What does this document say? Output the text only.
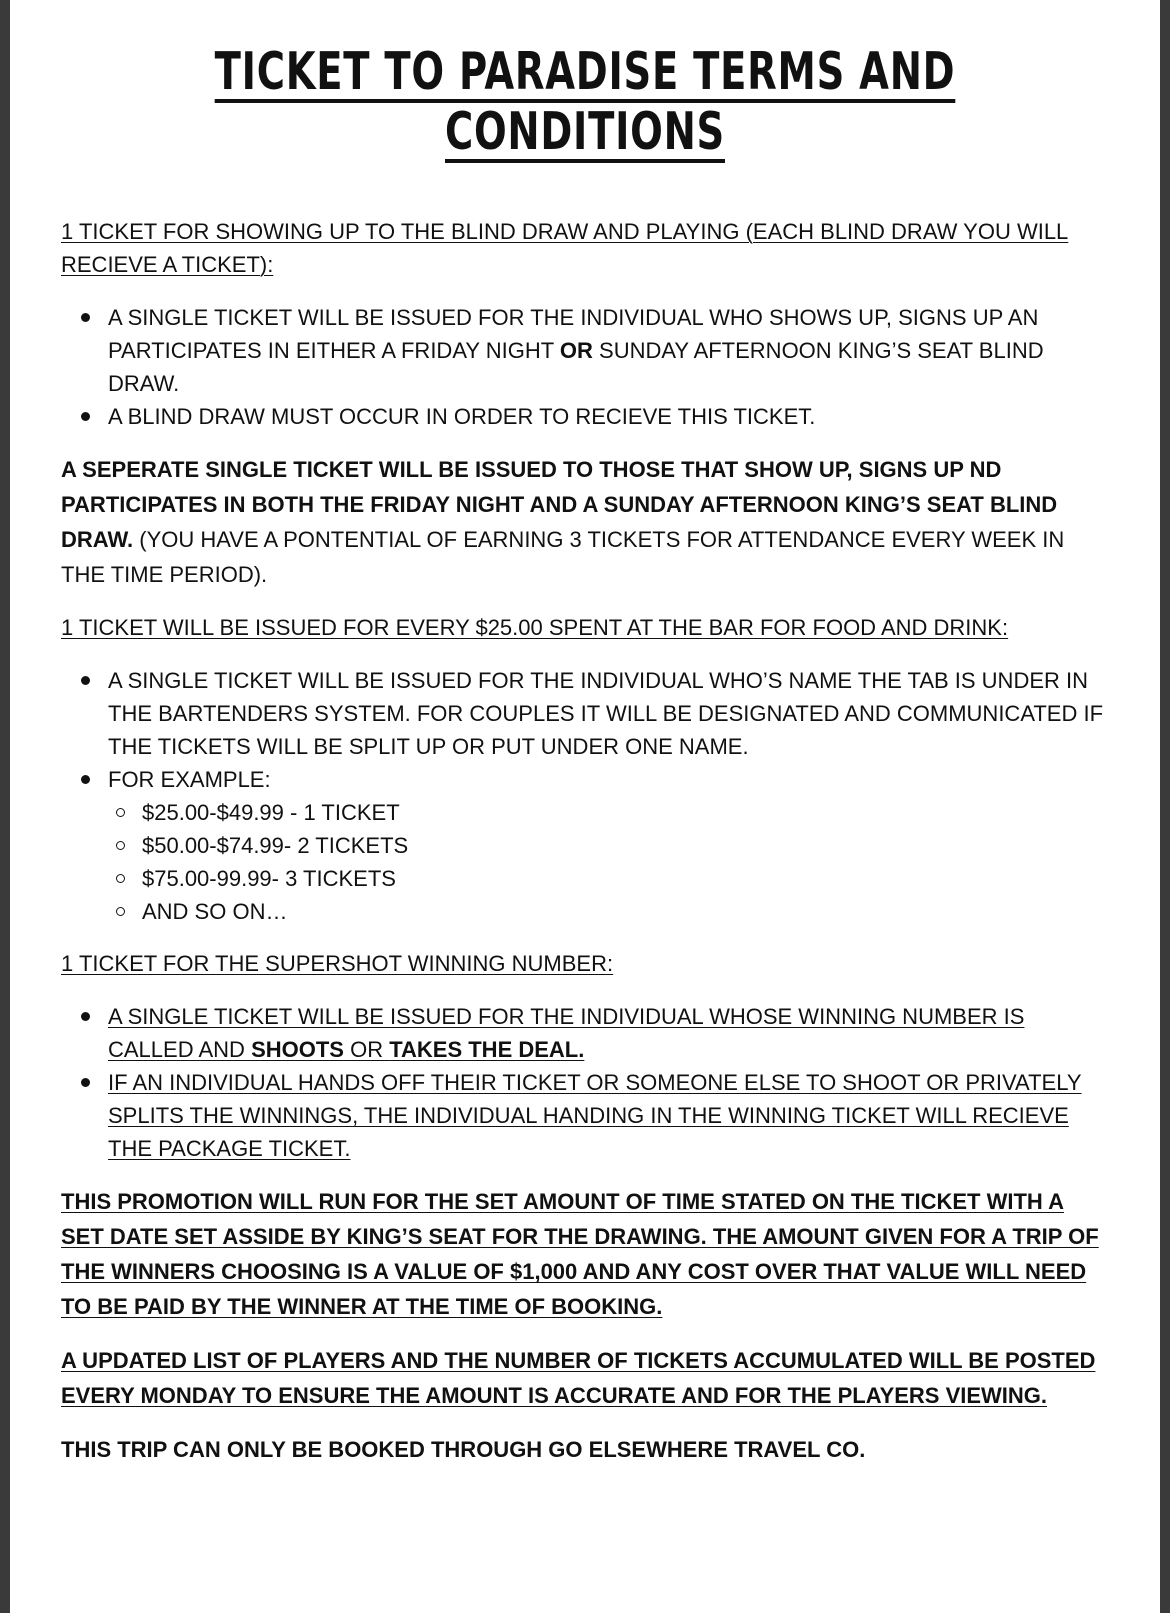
TICKET TO PARADISE TERMS AND CONDITIONS

1 TICKET FOR SHOWING UP TO THE BLIND DRAW AND PLAYING (EACH BLIND DRAW YOU WILL RECIEVE A TICKET):

A SINGLE TICKET WILL BE ISSUED FOR THE INDIVIDUAL WHO SHOWS UP, SIGNS UP AN PARTICIPATES IN EITHER A FRIDAY NIGHT OR SUNDAY AFTERNOON KING’S SEAT BLIND DRAW.
A BLIND DRAW MUST OCCUR IN ORDER TO RECIEVE THIS TICKET.

A SEPERATE SINGLE TICKET WILL BE ISSUED TO THOSE THAT SHOW UP, SIGNS UP ND PARTICIPATES IN BOTH THE FRIDAY NIGHT AND A SUNDAY AFTERNOON KING’S SEAT BLIND DRAW. (YOU HAVE A PONTENTIAL OF EARNING 3 TICKETS FOR ATTENDANCE EVERY WEEK IN THE TIME PERIOD).

1 TICKET WILL BE ISSUED FOR EVERY $25.00 SPENT AT THE BAR FOR FOOD AND DRINK:

A SINGLE TICKET WILL BE ISSUED FOR THE INDIVIDUAL WHO’S NAME THE TAB IS UNDER IN THE BARTENDERS SYSTEM. FOR COUPLES IT WILL BE DESIGNATED AND COMMUNICATED IF THE TICKETS WILL BE SPLIT UP OR PUT UNDER ONE NAME.
FOR EXAMPLE:
$25.00-$49.99 - 1 TICKET
$50.00-$74.99- 2 TICKETS
$75.00-99.99- 3 TICKETS
AND SO ON…

1 TICKET FOR THE SUPERSHOT WINNING NUMBER:

A SINGLE TICKET WILL BE ISSUED FOR THE INDIVIDUAL WHOSE WINNING NUMBER IS CALLED AND SHOOTS OR TAKES THE DEAL.
IF AN INDIVIDUAL HANDS OFF THEIR TICKET OR SOMEONE ELSE TO SHOOT OR PRIVATELY SPLITS THE WINNINGS, THE INDIVIDUAL HANDING IN THE WINNING TICKET WILL RECIEVE THE PACKAGE TICKET.

THIS PROMOTION WILL RUN FOR THE SET AMOUNT OF TIME STATED ON THE TICKET WITH A SET DATE SET ASSIDE BY KING’S SEAT FOR THE DRAWING. THE AMOUNT GIVEN FOR A TRIP OF THE WINNERS CHOOSING IS A VALUE OF $1,000 AND ANY COST OVER THAT VALUE WILL NEED TO BE PAID BY THE WINNER AT THE TIME OF BOOKING.

A UPDATED LIST OF PLAYERS AND THE NUMBER OF TICKETS ACCUMULATED WILL BE POSTED EVERY MONDAY TO ENSURE THE AMOUNT IS ACCURATE AND FOR THE PLAYERS VIEWING.

THIS TRIP CAN ONLY BE BOOKED THROUGH GO ELSEWHERE TRAVEL CO.
